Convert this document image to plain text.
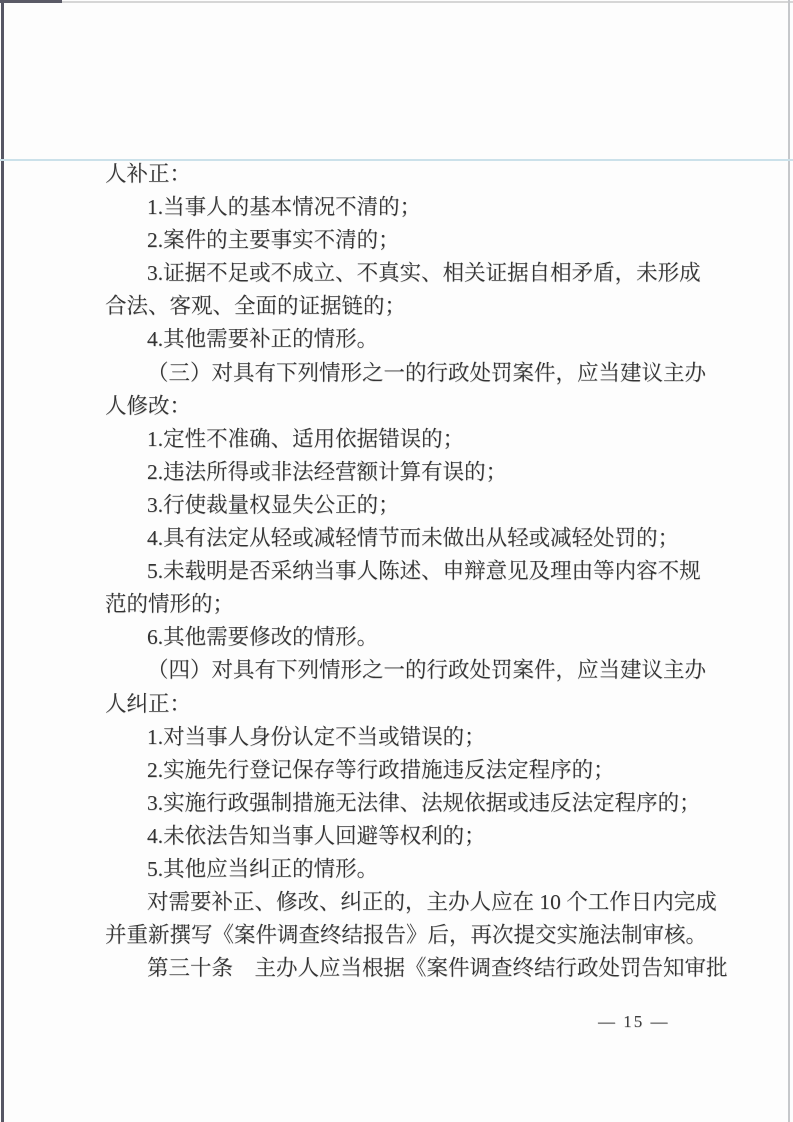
人补正：
1.当事人的基本情况不清的；
2.案件的主要事实不清的；
3.证据不足或不成立、不真实、相关证据自相矛盾，未形成
合法、客观、全面的证据链的；
4.其他需要补正的情形。
（三）对具有下列情形之一的行政处罚案件，应当建议主办
人修改：
1.定性不准确、适用依据错误的；
2.违法所得或非法经营额计算有误的；
3.行使裁量权显失公正的；
4.具有法定从轻或减轻情节而未做出从轻或减轻处罚的；
5.未载明是否采纳当事人陈述、申辩意见及理由等内容不规
范的情形的；
6.其他需要修改的情形。
（四）对具有下列情形之一的行政处罚案件，应当建议主办
人纠正：
1.对当事人身份认定不当或错误的；
2.实施先行登记保存等行政措施违反法定程序的；
3.实施行政强制措施无法律、法规依据或违反法定程序的；
4.未依法告知当事人回避等权利的；
5.其他应当纠正的情形。
对需要补正、修改、纠正的，主办人应在 10 个工作日内完成
并重新撰写《案件调查终结报告》后，再次提交实施法制审核。
第三十条　主办人应当根据《案件调查终结行政处罚告知审批
— 15 —
